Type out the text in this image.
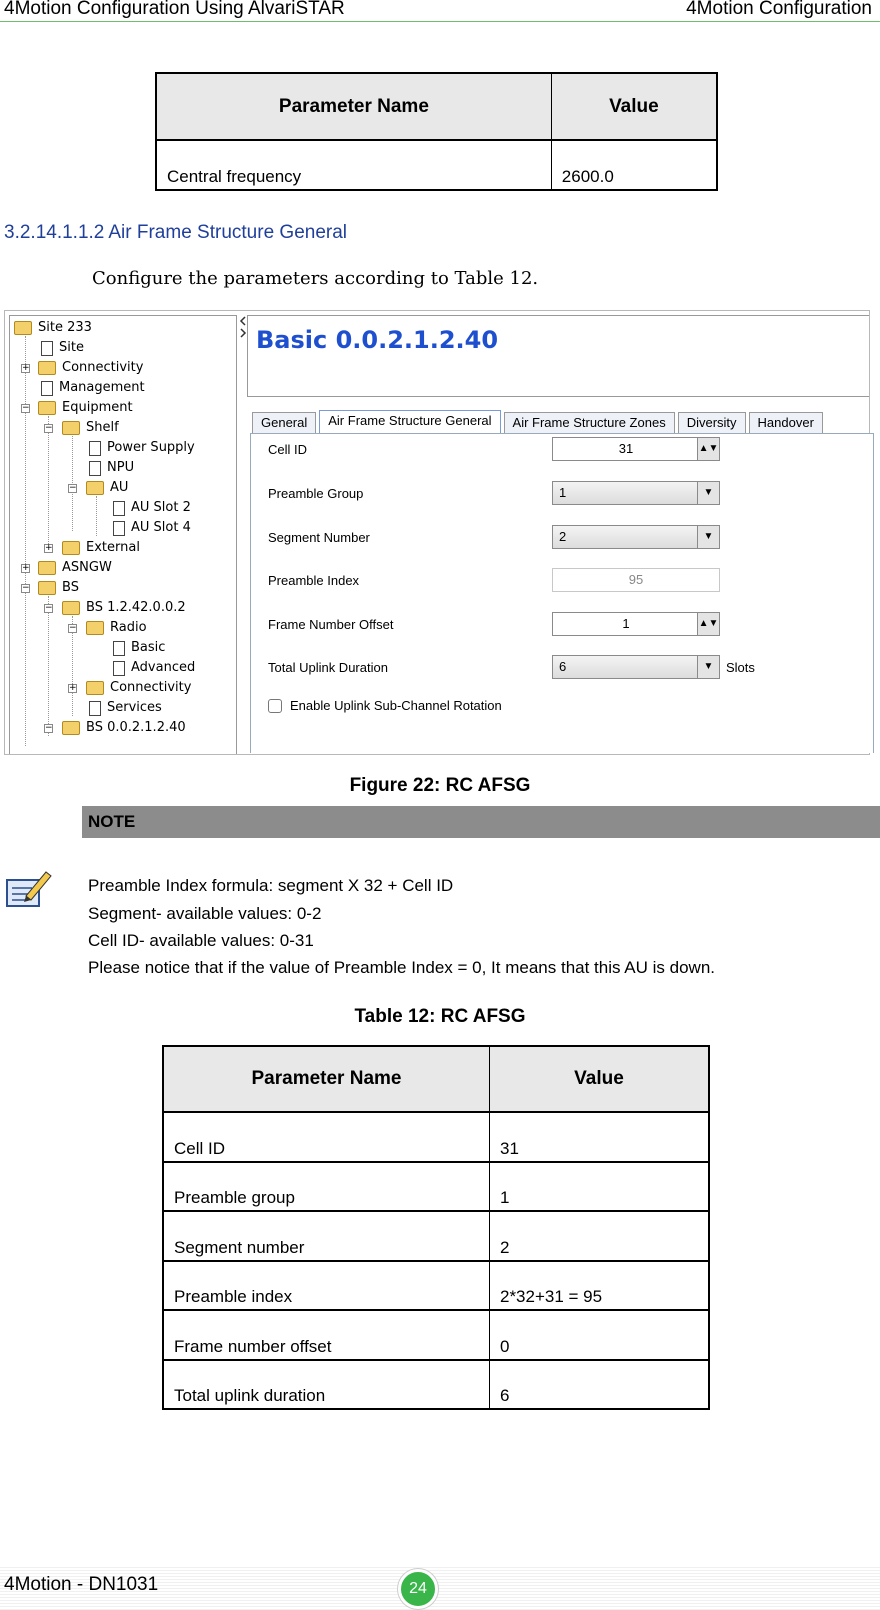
4Motion Configuration Using AlvariSTAR	4Motion Configuration
Parameter Name	Value
Central frequency	2600.0
3.2.14.1.1.2 Air Frame Structure General
Configure the parameters according to Table 12.
Site 233
Site
+ Connectivity
Management
− Equipment
−	Shelf
Power Supply
NPU
−	AU
AU Slot 2
AU Slot 4
+	External
+ ASNGW
− BS
−	BS 1.2.42.0.0.2
−	Radio
Basic
Advanced
+	Connectivity
Services
−	BS 0.0.2.1.2.40
Basic 0.0.2.1.2.40
General	Air Frame Structure General	Air Frame Structure Zones	Diversity	Handover
Cell ID	31	▲▼
Preamble Group	1	▼
Segment Number	2	▼
Preamble Index	95
Frame Number Offset	1	▲▼
Total Uplink Duration	6	▼ Slots
Enable Uplink Sub-Channel Rotation
Figure 22: RC AFSG
NOTE
Preamble Index formula: segment X 32 + Cell ID
Segment- available values: 0-2
Cell ID- available values: 0-31
Please notice that if the value of Preamble Index = 0, It means that this AU is down.
Table 12: RC AFSG
Parameter Name	Value
Cell ID	31
Preamble group	1
Segment number	2
Preamble index	2*32+31 = 95
Frame number offset	0
Total uplink duration	6
4Motion - DN1031	24
